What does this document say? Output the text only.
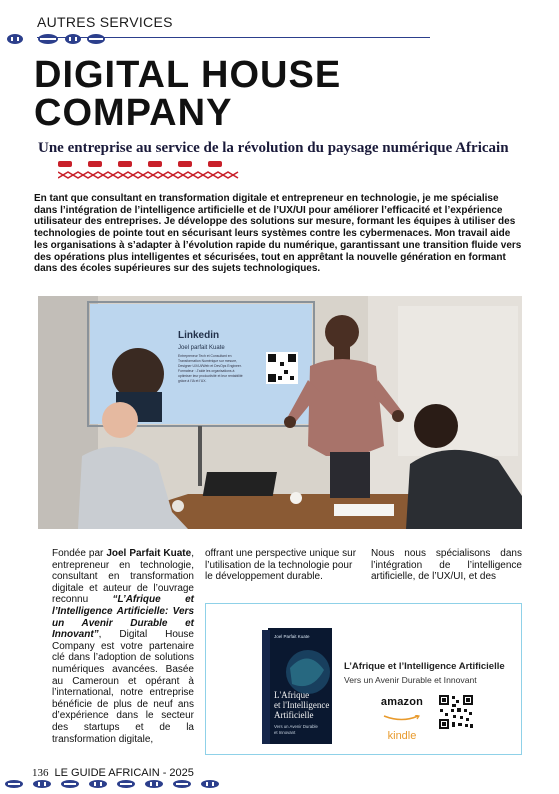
AUTRES SERVICES
DIGITAL HOUSE
COMPANY
Une entreprise au service de la révolution du paysage numérique Africain

En tant que consultant en transformation digitale et entrepreneur en technologie, je me spécialise dans l’intégration de l’intelligence artificielle et de l’UX/UI pour améliorer l’efficacité et l’expérience utilisateur des entreprises. Je développe des solutions sur mesure, formant les équipes à utiliser des technologies de pointe tout en sécurisant leurs systèmes contre les cybermenaces. Mon travail aide les organisations à s’adapter à l’évolution rapide du numérique, garantissant une transition fluide vers des opérations plus intelligentes et sécurisées, tout en apprêtant la nouvelle génération en formant dans des écoles supérieures sur des sujets technologiques.

Linkedin
Joel parfait Kuate
Entrepreneur Tech et Consultant en
Transformation Numérique sur mesure,
Designer UX/UI/Web et DevOps Engineer.
Formateur : J'aide les organisations à
optimiser leur productivité et leur rentabilité
grâce à l'IA et l'UX.

Fondée par Joel Parfait Kuate, entrepreneur en technologie, consultant en transformation digitale et auteur de l’ouvrage reconnu “L’Afrique et l’Intelligence Artificielle: Vers un Avenir Durable et Innovant”, Digital House Company est votre partenaire clé dans l’adoption de solutions numériques avancées. Basée au Cameroun et opérant à l’international, notre entreprise bénéficie de plus de neuf ans d’expérience dans le secteur des startups et de la transformation digitale,

offrant une perspective unique sur l’utilisation de la technologie pour le développement durable.

Nous nous spécialisons dans l’intégration de l’intelligence artificielle, de l’UX/UI, et des

Joel Parfait Kuate
L'Afrique
et l'Intelligence
Artificielle
Vers un Avenir Durable
et Innovant
L’Afrique et l’Intelligence Artificielle
Vers un Avenir Durable et Innovant
amazon
kindle
136 LE GUIDE AFRICAIN - 2025
